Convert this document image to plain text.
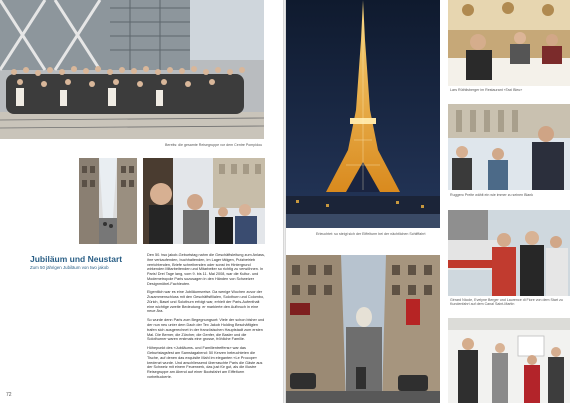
Bereits: die gesamte Reisegruppe vor dem Centre Pompidou
Jubiläum und Neustart
Zum 50 jährigen Jubiläum von two jakob

Den 50. two jakob-Geburtstag nahm die Geschäftsleitung zum Anlass, ihre verkaufenden, buchhaltenden, im Lager tätigen, Putzbetrieb verrichtenden, Briefe schreibenden oder sonst im Hintergrund wirkenden Mitarbeitenden und Mitarbeiter so richtig zu verwöhnen. In Paris! Drei Tage lang, vom 9. bis 11. Mai 2008, war die Kultur- und Modemetropole Paris sozusagen in den Händen von Schweizer Designmöbel-Fachleuten.

Eigentlich war es eine Jubiläumsreise. Da wenige Wochen zuvor der Zusammenschluss mit den Geschäftsfilialen, Solothurn und Colombo, Zürich, Basel und Solothurn erfolgt war, erhielt der Paris-Aufenthalt eine wichtige zweite Bedeutung: er markierte den Aufbruch in eine neue Ära.

So wurde denn Paris zum Begegnungsort: Viele der schon bisher und der nun neu unter dem Dach der Tex Jakob Holding Beschäftigten trafen sich ausgerechnet in der französischen Hauptstadt zum ersten Mal. Die Berner, die Zürcher, die Genfer, die Basler und die Solothurner waren erstmals eine grosse, fröhliche Familie.

Höhepunkt des «Jubiläums- und Familientreffens» war das Geburtstagsfest am Samstagabend: 50 Kerzen beleuchteten die Tische, auf denen das exquisite Mahl im eleganten «Le Procope» kredenzt wurde. Und anschliessend überraschte Paris die Gäste aus der Schweiz mit einem Feuerwerk, das just für gut, als die illustre Reisegruppe am Abend auf einer Bootsfahrt am Eiffelturm vorbeituckerte.

72
Erleuchtet: so steigt sich der Eiffelturm bei der nächtlichen Schifffahrt
Lars Rüthlisberger im Restaurant «Taxi Bleu»
Ruggero Preite wählt ein wie immer zu seinen Blank
Gérard Nicole, Evelyne Berger und Laurence di Fiore von dem Start zu Kundenfahrt auf dem Canal Saint-Martin
